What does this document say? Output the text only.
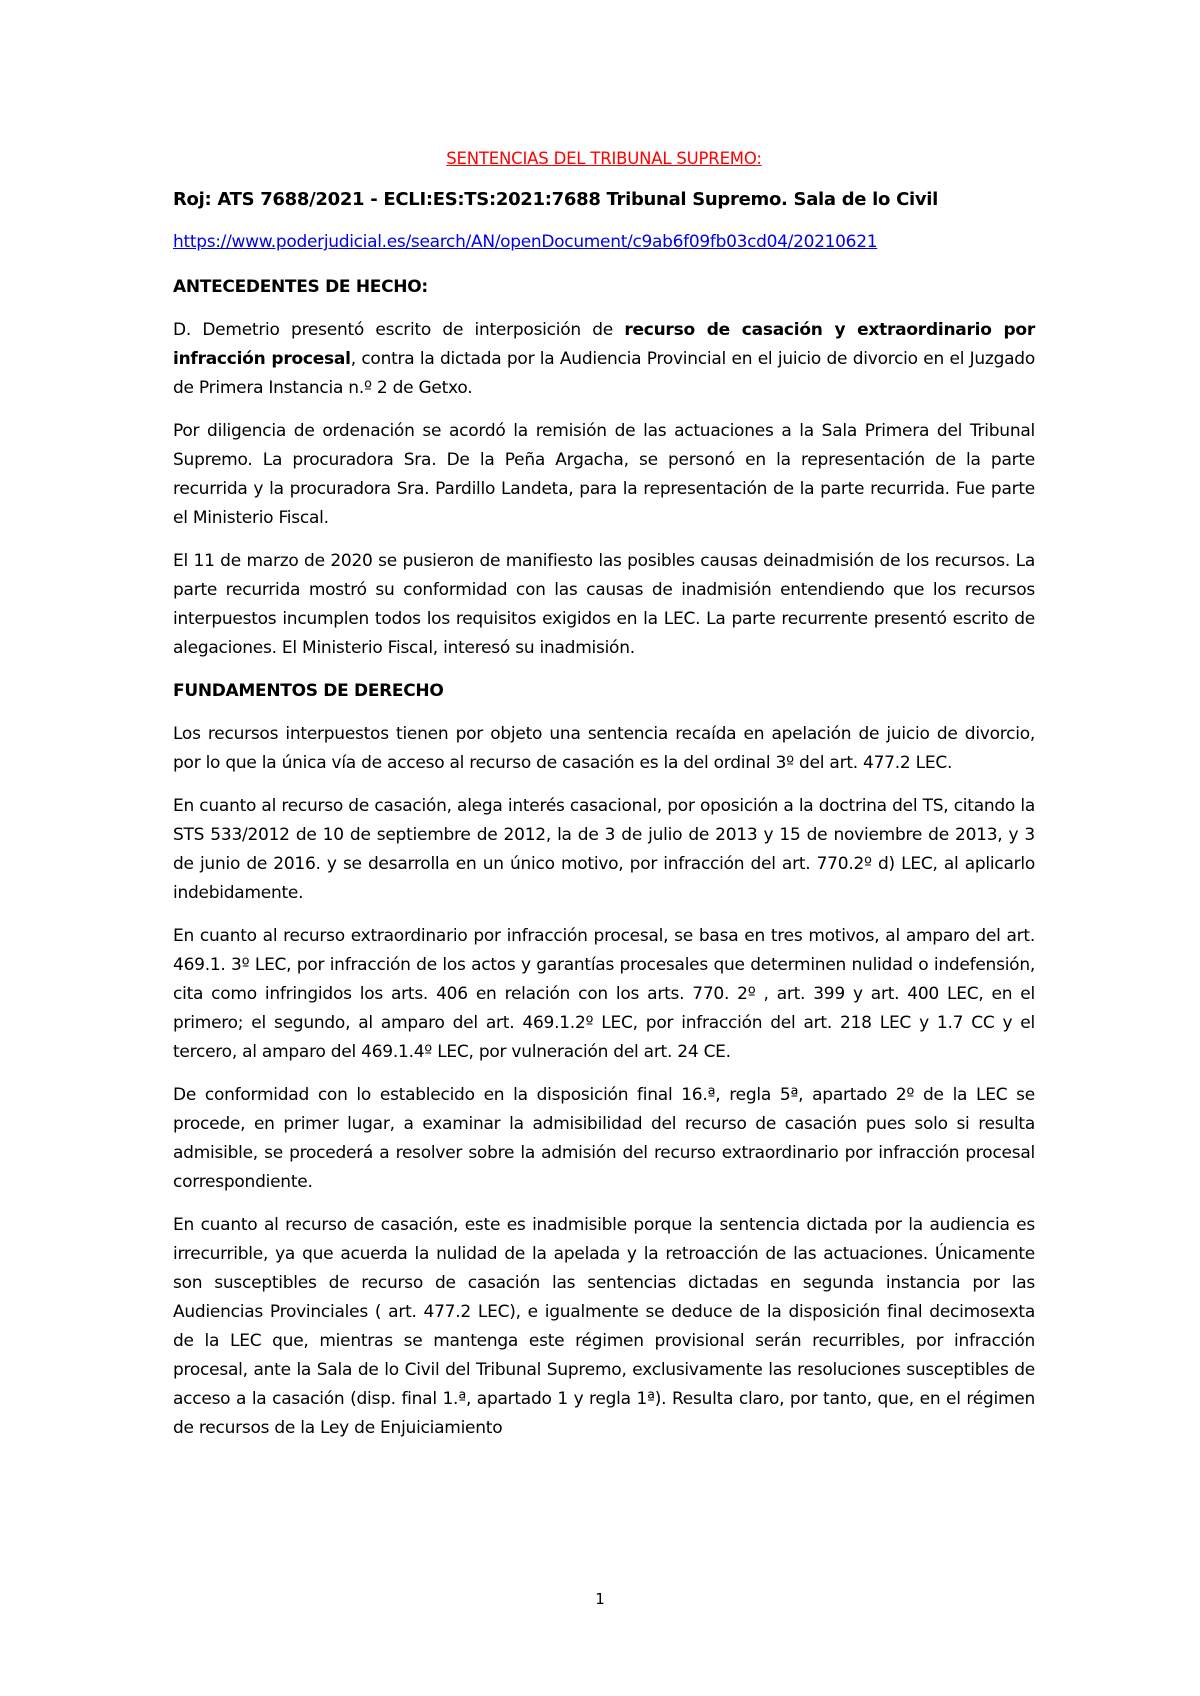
SENTENCIAS DEL TRIBUNAL SUPREMO:

Roj: ATS 7688/2021 - ECLI:ES:TS:2021:7688 Tribunal Supremo. Sala de lo Civil

https://www.poderjudicial.es/search/AN/openDocument/c9ab6f09fb03cd04/20210621

ANTECEDENTES DE HECHO:

D. Demetrio presentó escrito de interposición de recurso de casación y extraordinario por infracción procesal, contra la dictada por la Audiencia Provincial en el juicio de divorcio en el Juzgado de Primera Instancia n.º 2 de Getxo.

Por diligencia de ordenación se acordó la remisión de las actuaciones a la Sala Primera del Tribunal Supremo. La procuradora Sra. De la Peña Argacha, se personó en la representación de la parte recurrida y la procuradora Sra. Pardillo Landeta, para la representación de la parte recurrida. Fue parte el Ministerio Fiscal.

El 11 de marzo de 2020 se pusieron de manifiesto las posibles causas deinadmisión de los recursos. La parte recurrida mostró su conformidad con las causas de inadmisión entendiendo que los recursos interpuestos incumplen todos los requisitos exigidos en la LEC. La parte recurrente presentó escrito de alegaciones. El Ministerio Fiscal, interesó su inadmisión.

FUNDAMENTOS DE DERECHO

Los recursos interpuestos tienen por objeto una sentencia recaída en apelación de juicio de divorcio, por lo que la única vía de acceso al recurso de casación es la del ordinal 3º del art. 477.2 LEC.

En cuanto al recurso de casación, alega interés casacional, por oposición a la doctrina del TS, citando la STS 533/2012 de 10 de septiembre de 2012, la de 3 de julio de 2013 y 15 de noviembre de 2013, y 3 de junio de 2016. y se desarrolla en un único motivo, por infracción del art. 770.2º d) LEC, al aplicarlo indebidamente.

En cuanto al recurso extraordinario por infracción procesal, se basa en tres motivos, al amparo del art. 469.1. 3º LEC, por infracción de los actos y garantías procesales que determinen nulidad o indefensión, cita como infringidos los arts. 406 en relación con los arts. 770. 2º , art. 399 y art. 400 LEC, en el primero; el segundo, al amparo del art. 469.1.2º LEC, por infracción del art. 218 LEC y 1.7 CC y el tercero, al amparo del 469.1.4º LEC, por vulneración del art. 24 CE.

De conformidad con lo establecido en la disposición final 16.ª, regla 5ª, apartado 2º de la LEC se procede, en primer lugar, a examinar la admisibilidad del recurso de casación pues solo si resulta admisible, se procederá a resolver sobre la admisión del recurso extraordinario por infracción procesal correspondiente.

En cuanto al recurso de casación, este es inadmisible porque la sentencia dictada por la audiencia es irrecurrible, ya que acuerda la nulidad de la apelada y la retroacción de las actuaciones. Únicamente son susceptibles de recurso de casación las sentencias dictadas en segunda instancia por las Audiencias Provinciales ( art. 477.2 LEC), e igualmente se deduce de la disposición final decimosexta de la LEC que, mientras se mantenga este régimen provisional serán recurribles, por infracción procesal, ante la Sala de lo Civil del Tribunal Supremo, exclusivamente las resoluciones susceptibles de acceso a la casación (disp. final 1.ª, apartado 1 y regla 1ª). Resulta claro, por tanto, que, en el régimen de recursos de la Ley de Enjuiciamiento

1
